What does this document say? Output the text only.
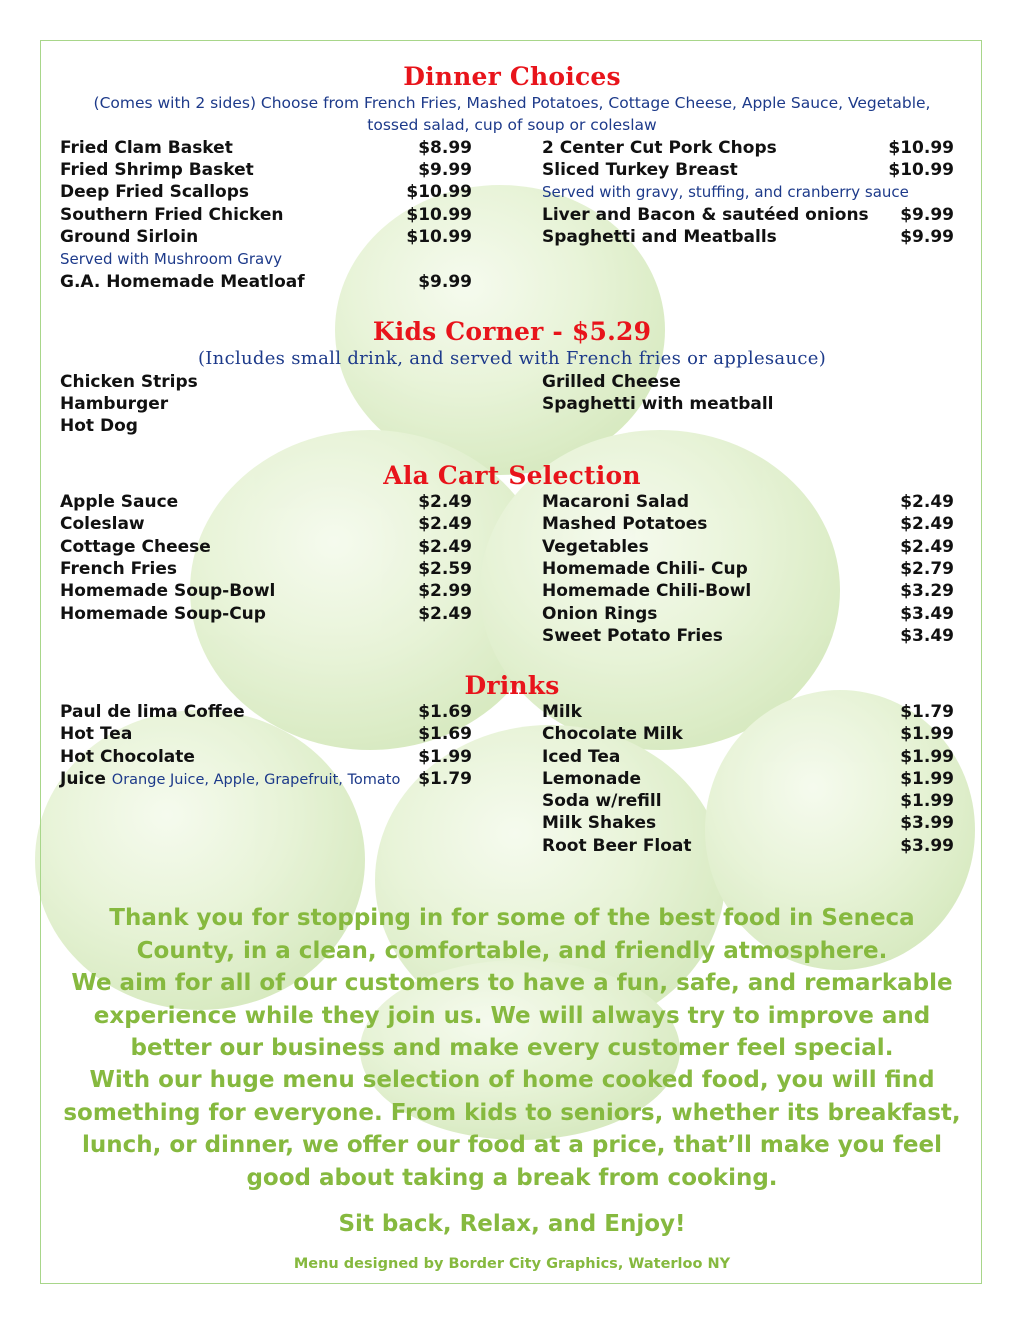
Dinner Choices
(Comes with 2 sides) Choose from French Fries, Mashed Potatoes, Cottage Cheese, Apple Sauce, Vegetable, tossed salad, cup of soup or coleslaw
Fried Clam Basket	$8.99
Fried Shrimp Basket	$9.99
Deep Fried Scallops	$10.99
Southern Fried Chicken	$10.99
Ground Sirloin	$10.99
Served with Mushroom Gravy
G.A. Homemade Meatloaf	$9.99
2 Center Cut Pork Chops	$10.99
Sliced Turkey Breast	$10.99
Served with gravy, stuffing, and cranberry sauce
Liver and Bacon & sautéed onions $9.99
Spaghetti and Meatballs	$9.99
Kids Corner - $5.29
(Includes small drink, and served with French fries or applesauce)
Chicken Strips
Hamburger
Hot Dog
Grilled Cheese
Spaghetti with meatball
Ala Cart Selection
Apple Sauce	$2.49
Coleslaw	$2.49
Cottage Cheese	$2.49
French Fries	$2.59
Homemade Soup-Bowl	$2.99
Homemade Soup-Cup	$2.49
Macaroni Salad	$2.49
Mashed Potatoes	$2.49
Vegetables	$2.49
Homemade Chili- Cup	$2.79
Homemade Chili-Bowl	$3.29
Onion Rings	$3.49
Sweet Potato Fries	$3.49
Drinks
Paul de lima Coffee	$1.69
Hot Tea	$1.69
Hot Chocolate	$1.99
Juice Orange Juice, Apple, Grapefruit, Tomato $1.79
Milk	$1.79
Chocolate Milk	$1.99
Iced Tea	$1.99
Lemonade	$1.99
Soda w/refill	$1.99
Milk Shakes	$3.99
Root Beer Float	$3.99
Thank you for stopping in for some of the best food in Seneca County, in a clean, comfortable, and friendly atmosphere.
We aim for all of our customers to have a fun, safe, and remarkable experience while they join us. We will always try to improve and better our business and make every customer feel special.
With our huge menu selection of home cooked food, you will find something for everyone. From kids to seniors, whether its breakfast, lunch, or dinner, we offer our food at a price, that’ll make you feel good about taking a break from cooking.
Sit back, Relax, and Enjoy!
Menu designed by Border City Graphics, Waterloo NY
